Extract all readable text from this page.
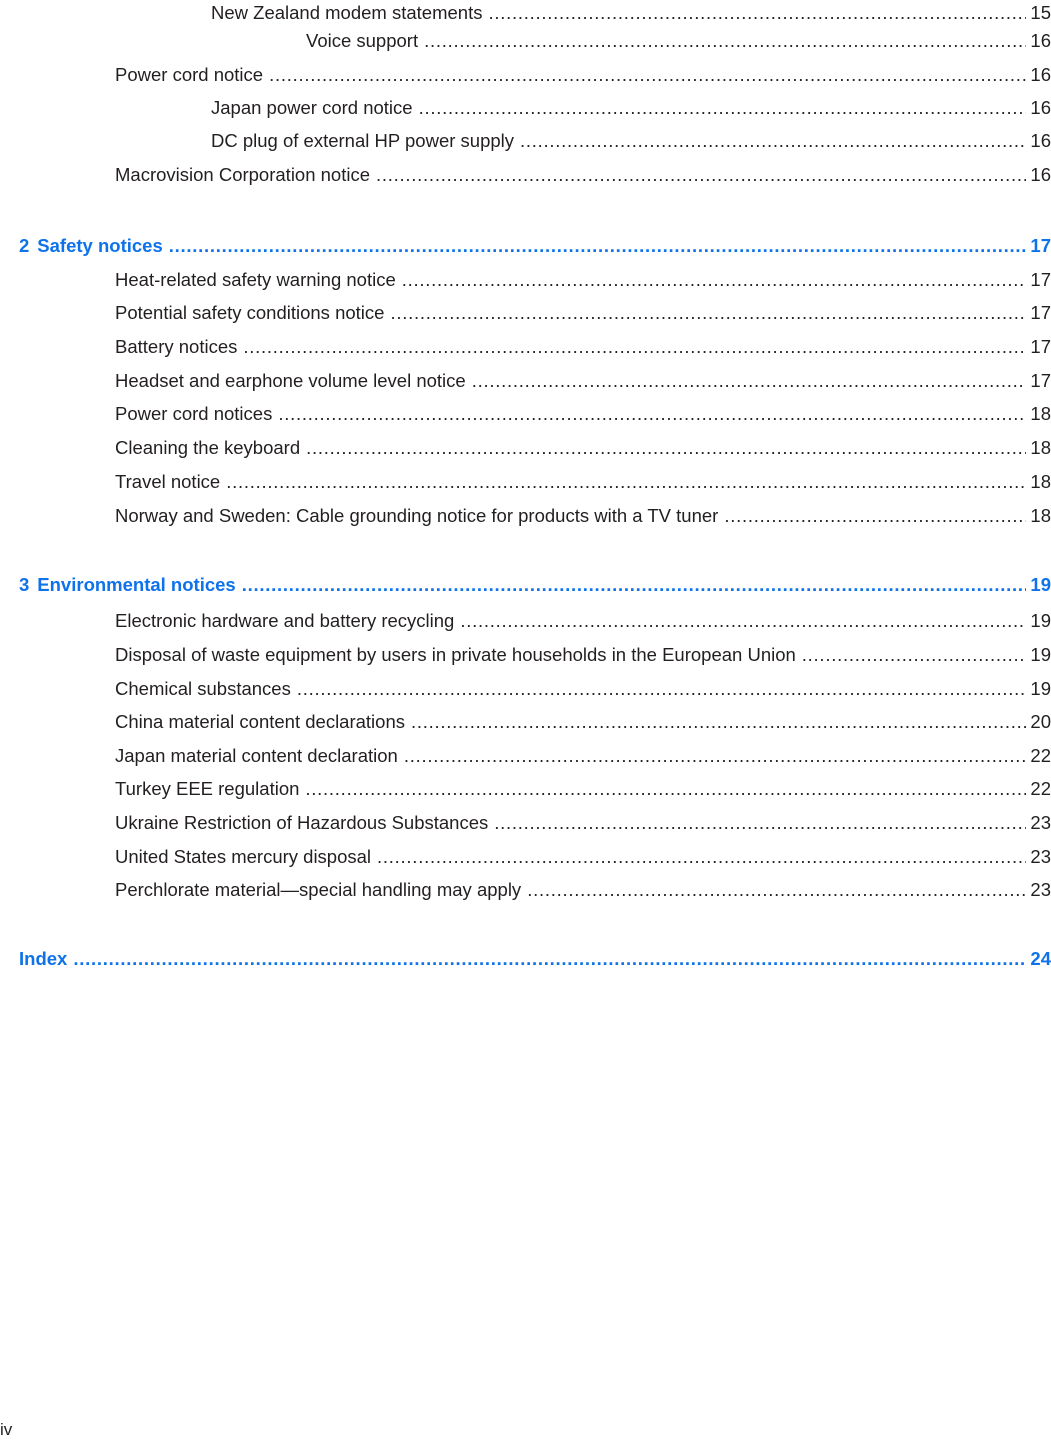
New Zealand modem statements . . .	15
Voice support . . .	16
Power cord notice . . .	16
Japan power cord notice . . .	16
DC plug of external HP power supply . . .	16
Macrovision Corporation notice . . .	16
2 Safety notices . . .	17
Heat-related safety warning notice . . .	17
Potential safety conditions notice . . .	17
Battery notices . . .	17
Headset and earphone volume level notice . . .	17
Power cord notices . . .	18
Cleaning the keyboard . . .	18
Travel notice . . .	18
Norway and Sweden: Cable grounding notice for products with a TV tuner . . .	18
3 Environmental notices . . .	19
Electronic hardware and battery recycling . . .	19
Disposal of waste equipment by users in private households in the European Union . . .	19
Chemical substances . . .	19
China material content declarations . . .	20
Japan material content declaration . . .	22
Turkey EEE regulation . . .	22
Ukraine Restriction of Hazardous Substances . . .	23
United States mercury disposal . . .	23
Perchlorate material—special handling may apply . . .	23
Index . . .	24
iv
